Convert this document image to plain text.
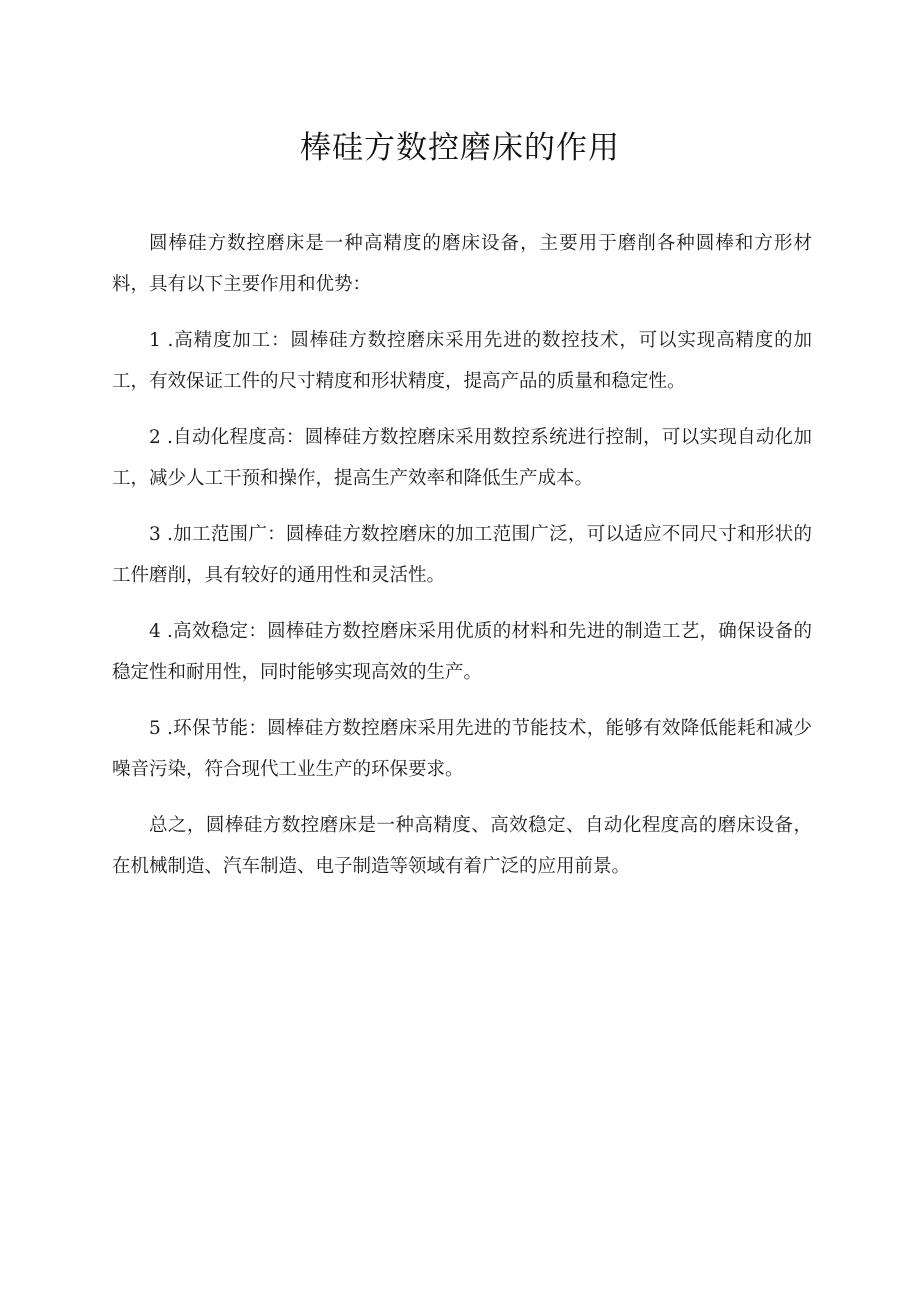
棒硅方数控磨床的作用

圆棒硅方数控磨床是一种高精度的磨床设备，主要用于磨削各种圆棒和方形材料，具有以下主要作用和优势：

1 .高精度加工：圆棒硅方数控磨床采用先进的数控技术，可以实现高精度的加工，有效保证工件的尺寸精度和形状精度，提高产品的质量和稳定性。

2 .自动化程度高：圆棒硅方数控磨床采用数控系统进行控制，可以实现自动化加工，减少人工干预和操作，提高生产效率和降低生产成本。

3 .加工范围广：圆棒硅方数控磨床的加工范围广泛，可以适应不同尺寸和形状的工件磨削，具有较好的通用性和灵活性。

4 .高效稳定：圆棒硅方数控磨床采用优质的材料和先进的制造工艺，确保设备的稳定性和耐用性，同时能够实现高效的生产。

5 .环保节能：圆棒硅方数控磨床采用先进的节能技术，能够有效降低能耗和减少噪音污染，符合现代工业生产的环保要求。

总之，圆棒硅方数控磨床是一种高精度、高效稳定、自动化程度高的磨床设备，在机械制造、汽车制造、电子制造等领域有着广泛的应用前景。
